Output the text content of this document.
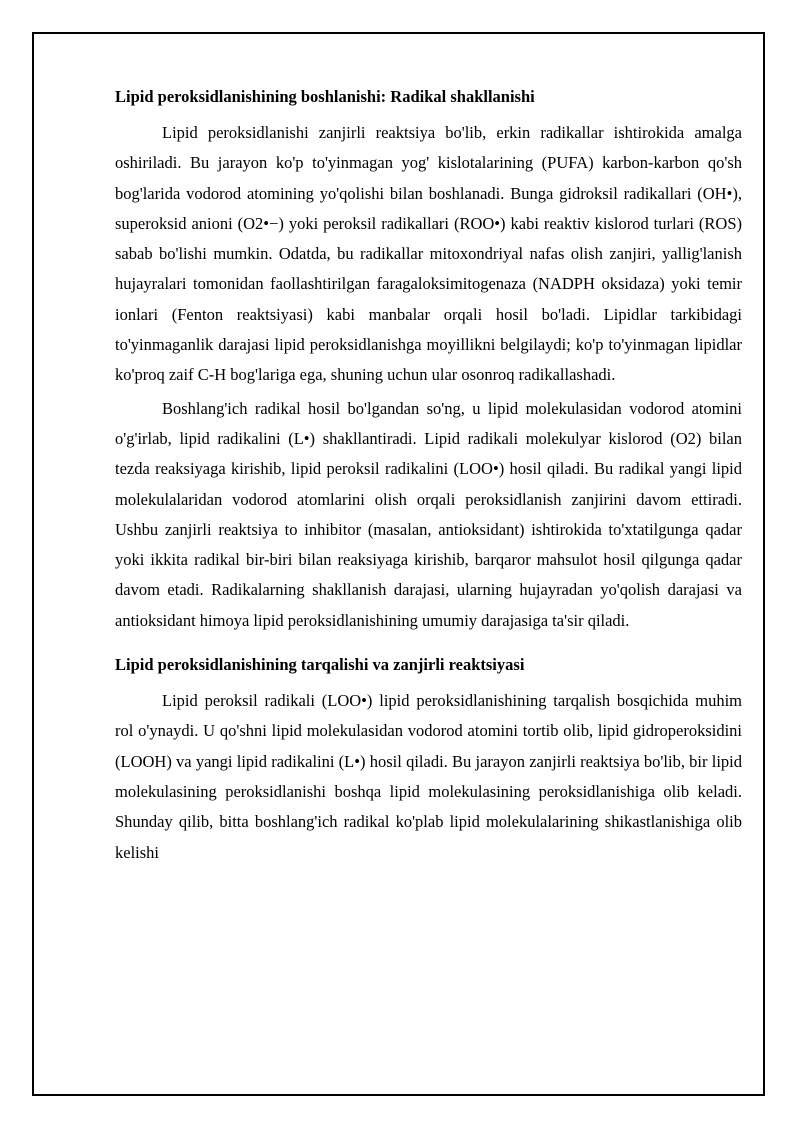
Lipid peroksidlanishining boshlanishi: Radikal shakllanishi

Lipid peroksidlanishi zanjirli reaktsiya bo'lib, erkin radikallar ishtirokida amalga oshiriladi. Bu jarayon ko'p to'yinmagan yog' kislotalarining (PUFA) karbon-karbon qo'sh bog'larida vodorod atomining yo'qolishi bilan boshlanadi. Bunga gidroksil radikallari (OH•), superoksid anioni (O2•−) yoki peroksil radikallari (ROO•) kabi reaktiv kislorod turlari (ROS) sabab bo'lishi mumkin. Odatda, bu radikallar mitoxondriyal nafas olish zanjiri, yallig'lanish hujayralari tomonidan faollashtirilgan faragaloksimitogenaza (NADPH oksidaza) yoki temir ionlari (Fenton reaktsiyasi) kabi manbalar orqali hosil bo'ladi. Lipidlar tarkibidagi to'yinmaganlik darajasi lipid peroksidlanishga moyillikni belgilaydi; ko'p to'yinmagan lipidlar ko'proq zaif C-H bog'lariga ega, shuning uchun ular osonroq radikallashadi.

Boshlang'ich radikal hosil bo'lgandan so'ng, u lipid molekulasidan vodorod atomini o'g'irlab, lipid radikalini (L•) shakllantiradi. Lipid radikali molekulyar kislorod (O2) bilan tezda reaksiyaga kirishib, lipid peroksil radikalini (LOO•) hosil qiladi. Bu radikal yangi lipid molekulalaridan vodorod atomlarini olish orqali peroksidlanish zanjirini davom ettiradi. Ushbu zanjirli reaktsiya to inhibitor (masalan, antioksidant) ishtirokida to'xtatilgunga qadar yoki ikkita radikal bir-biri bilan reaksiyaga kirishib, barqaror mahsulot hosil qilgunga qadar davom etadi. Radikalarning shakllanish darajasi, ularning hujayradan yo'qolish darajasi va antioksidant himoya lipid peroksidlanishining umumiy darajasiga ta'sir qiladi.

Lipid peroksidlanishining tarqalishi va zanjirli reaktsiyasi

Lipid peroksil radikali (LOO•) lipid peroksidlanishining tarqalish bosqichida muhim rol o'ynaydi. U qo'shni lipid molekulasidan vodorod atomini tortib olib, lipid gidroperoksidini (LOOH) va yangi lipid radikalini (L•) hosil qiladi. Bu jarayon zanjirli reaktsiya bo'lib, bir lipid molekulasining peroksidlanishi boshqa lipid molekulasining peroksidlanishiga olib keladi. Shunday qilib, bitta boshlang'ich radikal ko'plab lipid molekulalarining shikastlanishiga olib kelishi
